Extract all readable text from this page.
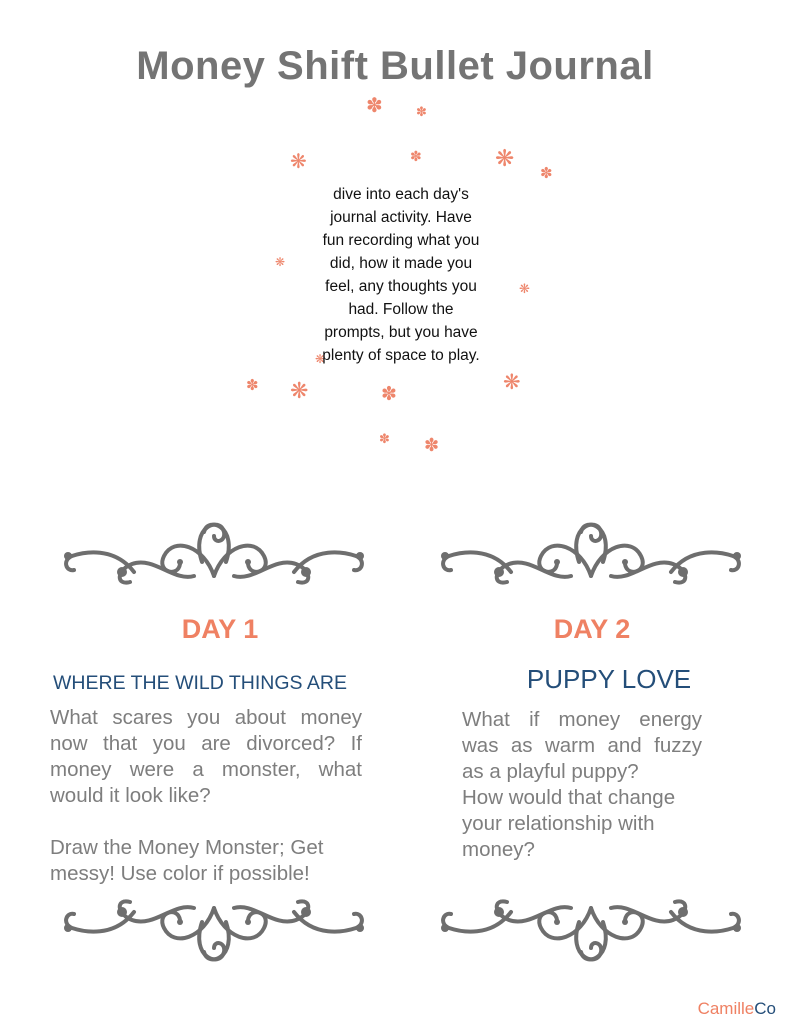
Money Shift Bullet Journal
✽	✽
❋	✽	❋
✽
❋
❋
❋
✽ ❋	✽
❋
✽ ✽
dive into each day's
journal activity. Have
fun recording what you
did, how it made you
feel, any thoughts you
had. Follow the
prompts, but you have
plenty of space to play.
DAY 1
WHERE THE WILD THINGS ARE
What scares you about money
now that you are divorced? If
money were a monster, what
would it look like?
Draw the Money Monster; Get
messy! Use color if possible!
DAY 2
PUPPY LOVE
What if money energy
was as warm and fuzzy
as a playful puppy?
How would that change
your relationship with
money?
CamilleCo
